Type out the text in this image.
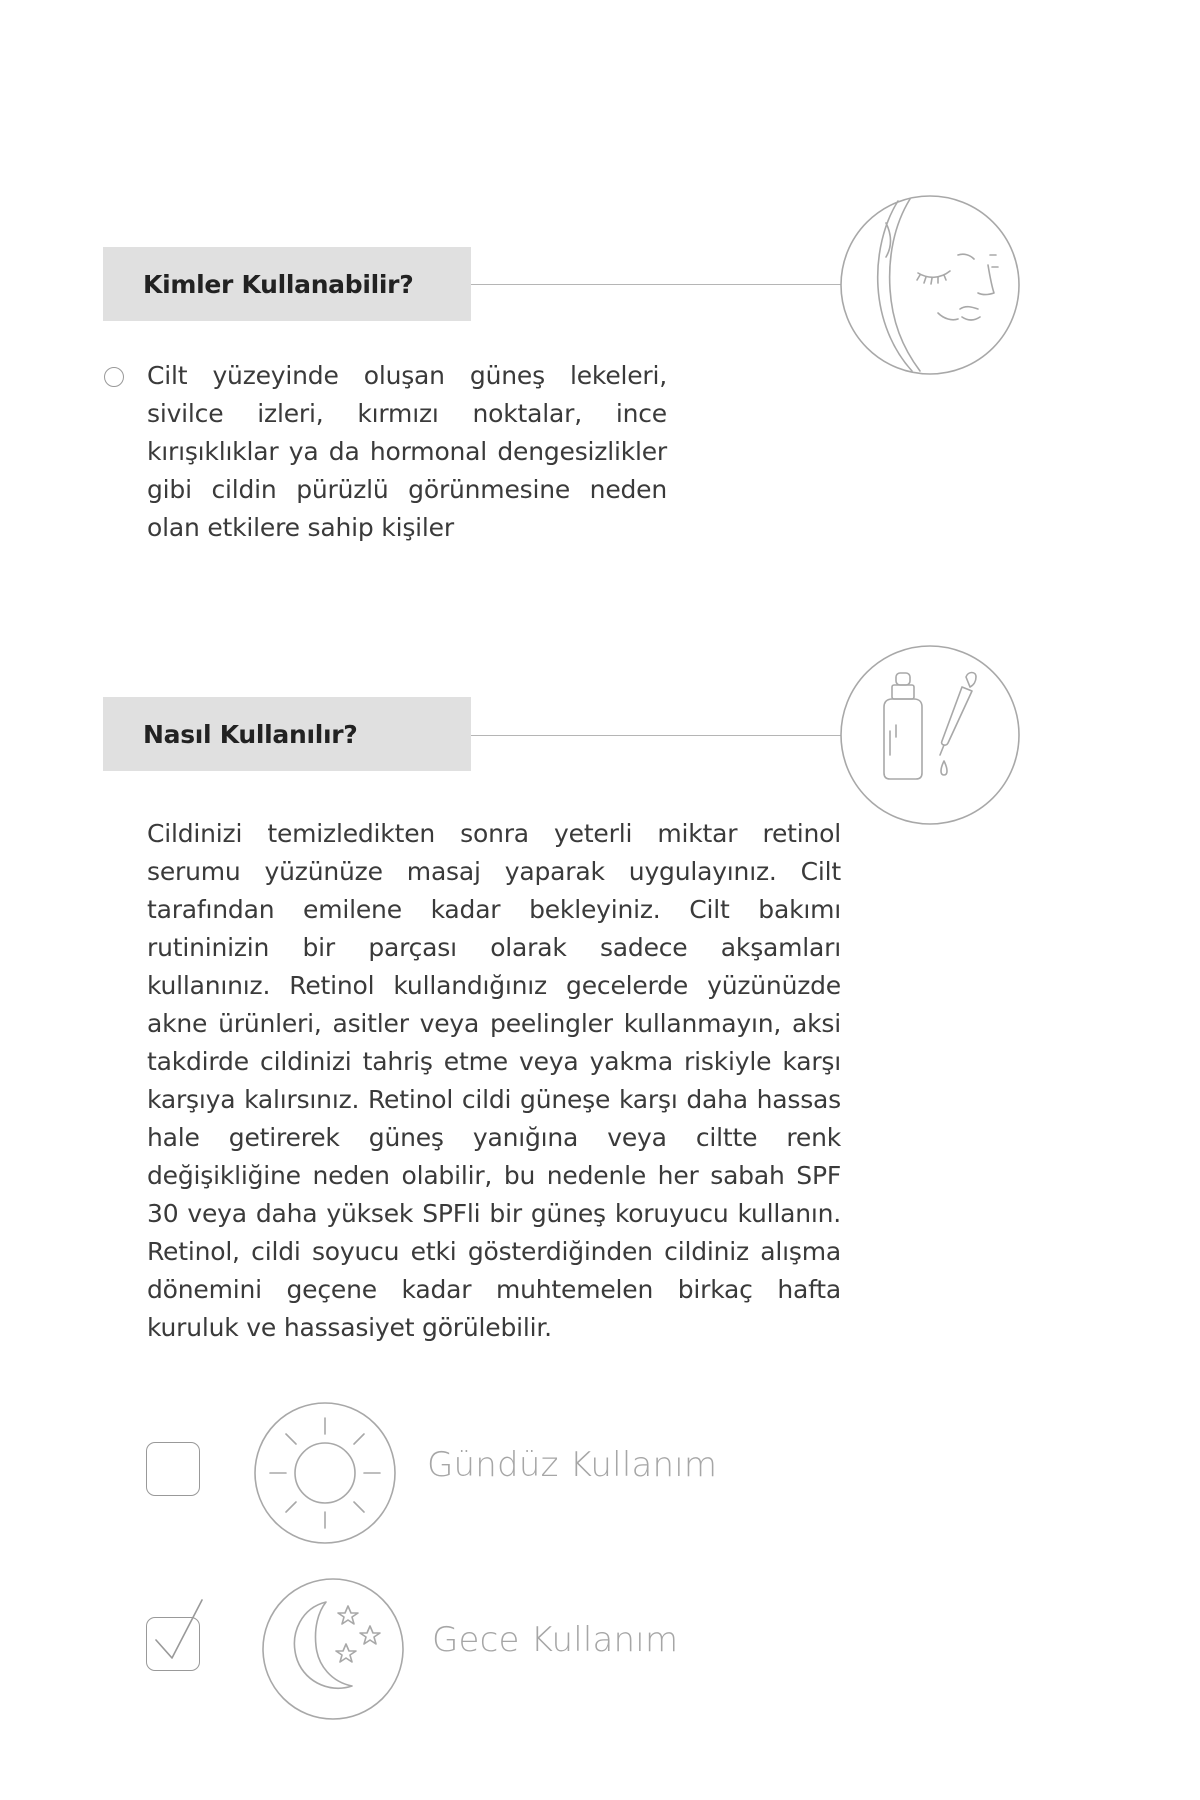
Kimler Kullanabilir?
Cilt yüzeyinde oluşan güneş lekeleri, sivilce izleri, kırmızı noktalar, ince kırışıklıklar ya da hormonal dengesizlikler gibi cildin pürüzlü görünmesine neden olan etkilere sahip kişiler
Nasıl Kullanılır?
Cildinizi temizledikten sonra yeterli miktar retinol serumu yüzünüze masaj yaparak uygulayınız. Cilt tarafından emilene kadar bekleyiniz. Cilt bakımı rutininizin bir parçası olarak sadece akşamları kullanınız. Retinol kullandığınız gecelerde yüzünüzde akne ürünleri, asitler veya peelingler kullanmayın, aksi takdirde cildinizi tahriş etme veya yakma riskiyle karşı karşıya kalırsınız. Retinol cildi güneşe karşı daha hassas hale getirerek güneş yanığına veya ciltte renk değişikliğine neden olabilir, bu nedenle her sabah SPF 30 veya daha yüksek SPFli bir güneş koruyucu kullanın. Retinol, cildi soyucu etki gösterdiğinden cildiniz alışma dönemini geçene kadar muhtemelen birkaç hafta kuruluk ve hassasiyet görülebilir.
Gündüz Kullanım
Gece Kullanım
